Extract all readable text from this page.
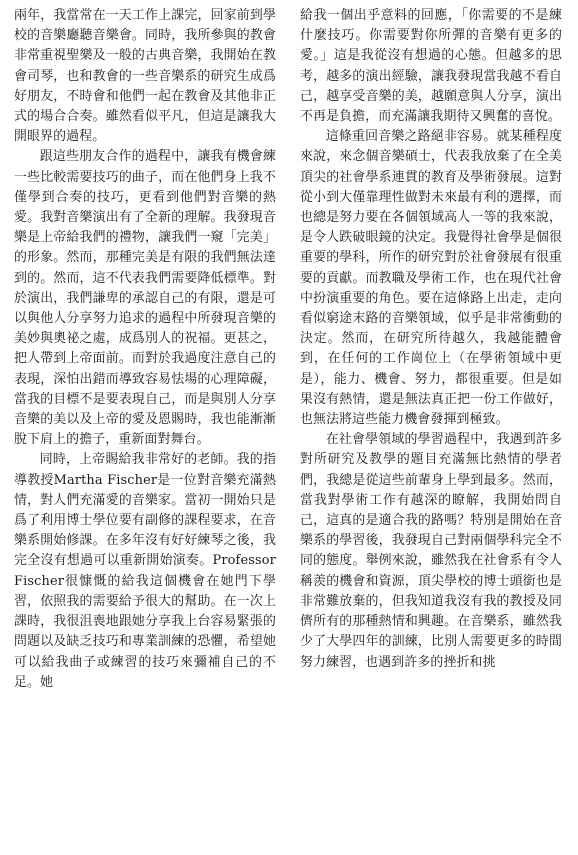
兩年，我當常在一天工作上課完，回家前到學校的音樂廳聽音樂會。同時，我所參與的教會非常重視聖樂及一般的古典音樂，我開始在教會司琴，也和教會的一些音樂系的研究生成爲好朋友，不時會和他們一起在教會及其他非正式的場合合奏。雖然看似平凡，但這是讓我大開眼界的過程。

跟這些朋友合作的過程中，讓我有機會練一些比較需要技巧的曲子，而在他們身上我不僅學到合奏的技巧，更看到他們對音樂的熱愛。我對音樂演出有了全新的理解。我發現音樂是上帝給我們的禮物，讓我們一窺「完美」的形象。然而，那種完美是有限的我們無法達到的。然而，這不代表我們需要降低標準。對於演出，我們謙卑的承認自己的有限，還是可以與他人分享努力追求的過程中所發現音樂的美妙與奧祕之處，成爲別人的祝福。更甚之，把人帶到上帝面前。而對於我過度注意自己的表現，深怕出錯而導致容易怯場的心理障礙，當我的目標不是要表現自己，而是與別人分享音樂的美以及上帝的愛及恩賜時，我也能漸漸脫下肩上的擔子，重新面對舞台。

同時，上帝賜給我非常好的老師。我的指導教授Martha Fischer是一位對音樂充滿熱情，對人們充滿愛的音樂家。當初一開始只是爲了利用博士學位要有副修的課程要求，在音樂系開始修課。在多年沒有好好練琴之後，我完全沒有想過可以重新開始演奏。Professor Fischer很慷慨的給我這個機會在她門下學習，依照我的需要給予很大的幫助。在一次上課時，我很沮喪地跟她分享我上台容易緊張的問題以及缺乏技巧和專業訓練的恐懼，希望她可以給我曲子或練習的技巧來彌補自己的不足。她

給我一個出乎意料的回應，「你需要的不是練什麼技巧。你需要對你所彈的音樂有更多的愛。」這是我從沒有想過的心態。但越多的思考，越多的演出經驗，讓我發現當我越不看自己，越享受音樂的美，越願意與人分享，演出不再是負擔，而充滿讓我期待又興奮的喜悅。

這條重回音樂之路絕非容易。就某種程度來說，來念個音樂碩士，代表我放棄了在全美頂尖的社會學系連貫的教育及學術發展。這對從小到大僅靠理性做對未來最有利的選擇，而也總是努力要在各個領域高人一等的我來說，是令人跌破眼鏡的決定。我覺得社會學是個很重要的學科，所作的研究對於社會發展有很重要的貢獻。而教職及學術工作，也在現代社會中扮演重要的角色。要在這條路上出走，走向看似窮途末路的音樂領域，似乎是非常衝動的決定。然而，在研究所待越久，我越能體會到，在任何的工作崗位上（在學術領域中更是），能力、機會、努力，都很重要。但是如果沒有熱情，還是無法真正把一份工作做好，也無法將這些能力機會發揮到極致。

在社會學領域的學習過程中，我遇到許多對所研究及教學的題目充滿無比熱情的學者們，我總是從這些前輩身上學到最多。然而，當我對學術工作有越深的瞭解，我開始問自己，這真的是適合我的路嗎？特別是開始在音樂系的學習後，我發現自己對兩個學科完全不同的態度。舉例來說，雖然我在社會系有令人稱羨的機會和資源，頂尖學校的博士頭銜也是非常難放棄的，但我知道我沒有我的教授及同儕所有的那種熱情和興趣。在音樂系，雖然我少了大學四年的訓練，比別人需要更多的時間努力練習，也遇到許多的挫折和挑
